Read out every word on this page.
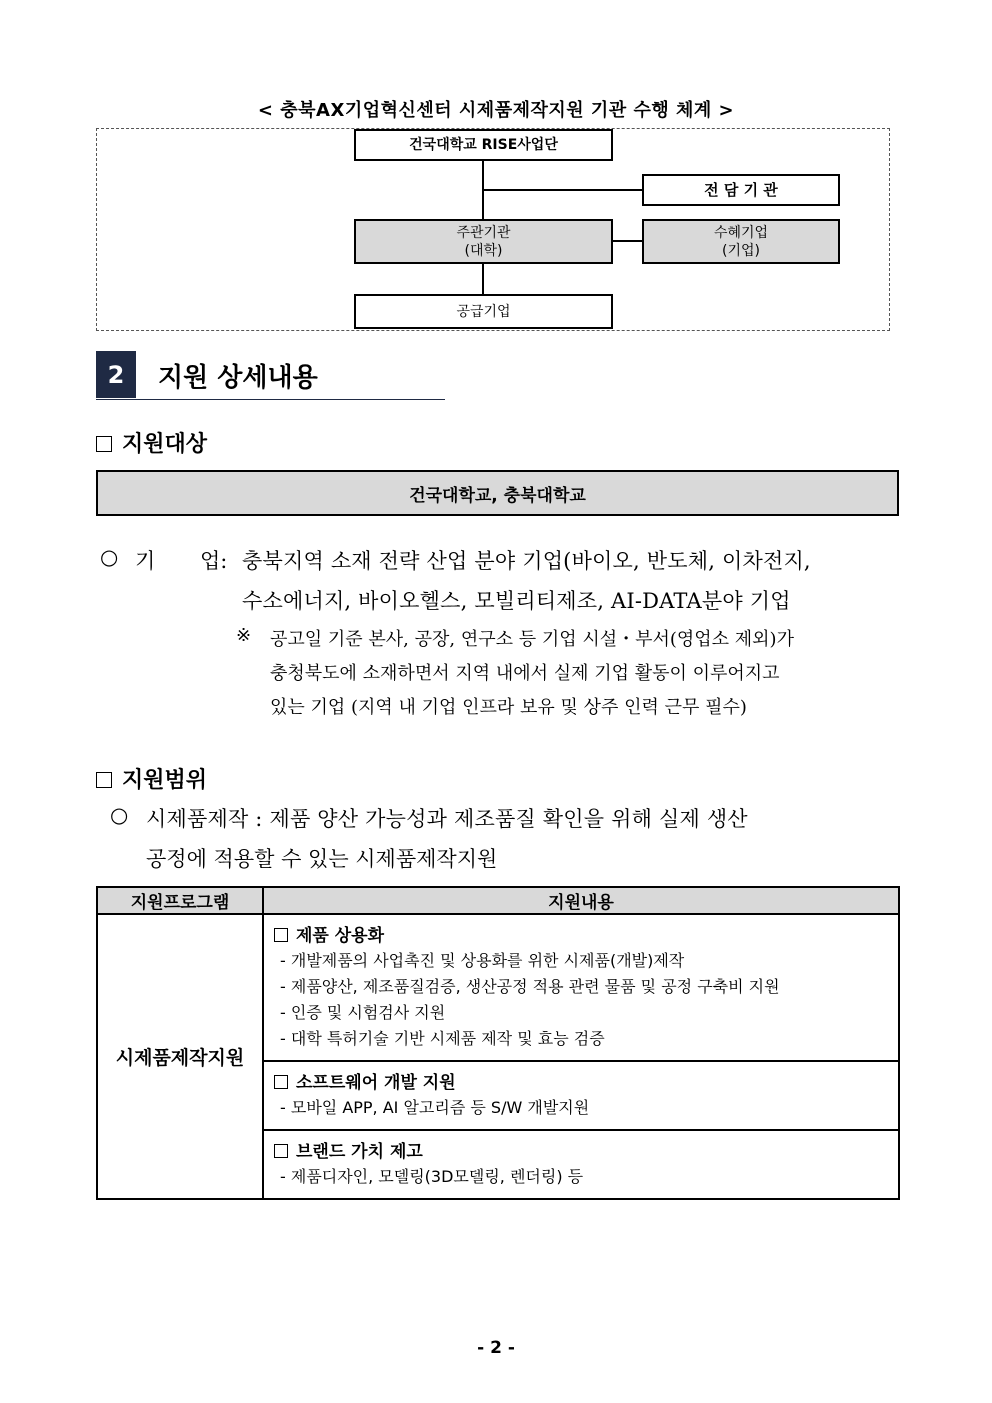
< 충북AX기업혁신센터 시제품제작지원 기관 수행 체계 >
건국대학교 RISE사업단
전 담 기 관
주관기관
(대학)
수혜기업
(기업)
공급기업
2	지원 상세내용
지원대상
건국대학교, 충북대학교
○ 기 업: 충북지역 소재 전략 산업 분야 기업(바이오, 반도체, 이차전지,
수소에너지, 바이오헬스, 모빌리티제조, AI-DATA분야 기업
※ 공고일 기준 본사, 공장, 연구소 등 기업 시설・부서(영업소 제외)가
충청북도에 소재하면서 지역 내에서 실제 기업 활동이 이루어지고
있는 기업 (지역 내 기업 인프라 보유 및 상주 인력 근무 필수)
지원범위
○ 시제품제작 : 제품 양산 가능성과 제조품질 확인을 위해 실제 생산
공정에 적용할 수 있는 시제품제작지원
지원프로그램	지원내용
시제품제작지원	제품 상용화
- 개발제품의 사업촉진 및 상용화를 위한 시제품(개발)제작
- 제품양산, 제조품질검증, 생산공정 적용 관련 물품 및 공정 구축비 지원
- 인증 및 시험검사 지원
- 대학 특허기술 기반 시제품 제작 및 효능 검증

	소프트웨어 개발 지원
- 모바일 APP, AI 알고리즘 등 S/W 개발지원

	브랜드 가치 제고
- 제품디자인, 모델링(3D모델링, 렌더링) 등
- 2 -
